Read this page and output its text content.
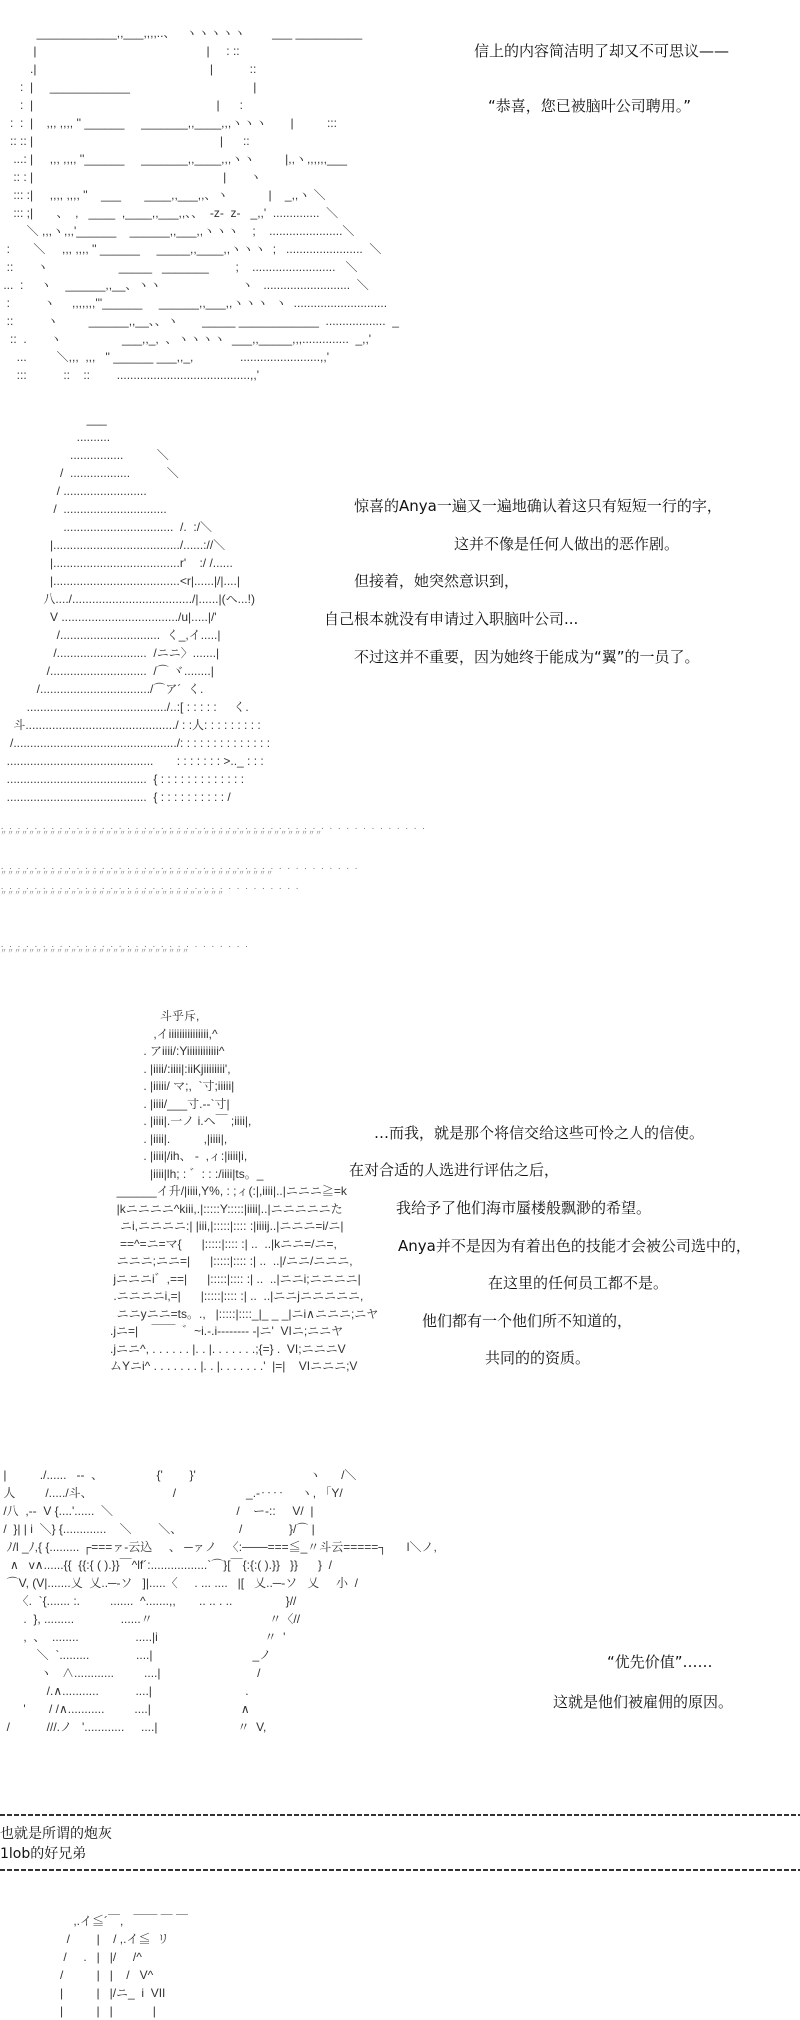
____________,,___,,,,..、   ヽヽヽヽヽ        ___ __________
|                                                   |     : ::
.|                                                    |           ::
:  |     ____________                                     |
:  |                                                       |      :
:  :  |    ,,, ,,,, '' ______     _______,,____,,,ヽヽヽ       |          :::
:: :: |                                                        |      ::
...: |     ,,, ,,,, ''______     _______,,____,,,ヽヽ         |,,ヽ,,,,,,___
:: : |                                                         |       ヽ
::: :|     ,,,, ,,,, ''    ___       ____,,___,,、ヽ            |    _,,ヽ ＼
::: ;|       、  ,   ____  ,____,,___,,、、  -z-  z-   _,,'  ..............  ＼
＼ ,,,ヽ,,,'______    ______,,___,,ヽヽヽ    ;    ......................＼
:       ＼     ,,, ,,,, '' ______     _____,,____,,ヽヽヽ  ;   .......................  ＼
::       ヽ                     _____   _______        ;    .........................   ＼
...  :     ヽ    ______,,__、ヽヽ                        ヽ   ..........................  ＼
:          ヽ     ,,,,,,,'''______     ______,,___,,ヽヽヽ  ヽ  ............................
::          ヽ         ______,,__、、ヽ       _____ ____________  ..................  _
::  .       ヽ                  ___,,_,  、ヽヽヽヽ  ___,,_____,,,..............  _,,'
...         ＼,,,  ,,,   '' ______ ___,,_,              ........................,,'
:::           ::    ::        ........................................,,'
信上的内容简洁明了却又不可思议——
“恭喜，您已被脑叶公司聘用。”
___
..........
................          ＼
/  ..................           ＼
/ .........................
/  ...............................
.................................  /.  :/＼
|....................................../......://＼
|......................................r'    :/ /......
|......................................<r|......|/|....|
八..../..................................../|......|(ヘ...!)
V .................................../u|.....|/'
/..............................  く_,イ.....|
/...........................  /ニニ〉.......|
/.............................  /⌒ ヾ........|
/................................./⌒ア´  く.
........................................../..:[ : : : : :     く.
斗............................................./ : :人: : : : : : : : :
/................................................./: : : : : : : : : : : : : :
............................................       : : : : : : : >.._ : : :
..........................................  { : : : : : : : : : : : : :
..........................................  { : : : : : : : : : : /
惊喜的Anya一遍又一遍地确认着这只有短短一行的字，
这并不像是任何人做出的恶作剧。
但接着，她突然意识到，
自己根本就没有申请过入职脑叶公司...
不过这并不重要，因为她终于能成为“翼”的一员了。
. . . . . . . . . . . . . . . . . . . . . . . . . . . . . . . . . . . . . . . . . . . . . . . . . . .
〃〃〃〃〃〃〃〃〃〃〃〃〃〃〃〃〃〃〃〃〃〃〃〃〃〃〃〃〃〃〃〃〃〃〃〃〃〃〃〃〃〃〃〃〃〃
. . . . . . . . . . . . . . . . . . . . . . . . . . . . . . . . . . . . . . . . . . .
〃〃〃〃〃〃〃〃〃〃〃〃〃〃〃〃〃〃〃〃〃〃〃〃〃〃〃〃〃〃〃〃〃〃〃〃〃〃〃
. . . . . . . . . . . . . . . . . . . . . . . . . . . . . . . . . . . .
〃〃〃〃〃〃〃〃〃〃〃〃〃〃〃〃〃〃〃〃〃〃〃〃〃〃〃〃〃〃〃〃
. . . . . . . . . . . . . . . . . . . . . . . . . . . . . .
〃〃〃〃〃〃〃〃〃〃〃〃〃〃〃〃〃〃〃〃〃〃〃〃〃〃〃
斗乎斥,
,イiiiiiiiiiiiiiii,^
. アiiii/:Yiiiiiiiiiiii^
. |iiii/:iiii|:iiKjiiiiiiii',
. |iiiii/ マ;,  `寸;iiiii|
. |iiii/___寸.--`寸|
. |iiii|.一ノ i.ヘ￣ ;iiii|,
. |iiii|.          ,|iiii|,
. |iiii|/ih、 -  ,ィ:|iiii|i,
|iiii|lh; : ゛: : :/iiii|ts。_
______イ升/|iiii,Y%, : ;ィ(:|,iiii|..|ニニニ≧=k
|kニニニニ^kiii,.|:::::Y:::::|iiii|..|ニニニニニた
ニi,ニニニニ:| |iii,|:::::|:::: :|iiiij..|ニニニ=i/ニ|
==^=ニ=マ{      |:::::|:::: :| ..  ..|kニニ=/ニ=,
ニニニ;ニニ=|      |:::::|:::: :| ..  ..|/ニニ/ニニニ,
jニニニi゛,==|      |:::::|:::: :| ..  ..|ニニi;ニニニニ|
.ニニニニi,=|      |:::::|:::: :| ..  ..|ニニjニニニニニ,
ニニyニニ=ts。.,   |:::::|::::_|_ _ _|ニi∧ニニニ;ニヤ
.jニ=|    ￣￣  ゛~i.-.i-------- -|ニ'  VIニ;ニニヤ
.jニニ^, . . . . . . |. . |. . . . . . .;{=} .  VI;ニニニV
ムYニi^ . . . . . . . |. . |. . . . . . .'  |=|    VIニニニ;V
…而我，就是那个将信交给这些可怜之人的信使。
在对合适的人选进行评估之后，
我给予了他们海市蜃楼般飘渺的希望。
Anya并不是因为有着出色的技能才会被公司选中的，
在这里的任何员工都不是。
他们都有一个他们所不知道的，
共同的的资质。
|          ./......   --  、                {'        }'                                  ヽ      /＼
人         /...../斗、                        /                     _.-‥‥     ヽ, 「Y/
/八  ,--  V {....'......  ＼                                     /    ー‐::     V/  |
/  }| | i  ＼} {.............    ＼        ＼、                 /              }/⌒ |
ﾉ/l _ﾉ,{ {......... ┌===ァ-云込     、 ─ァノ   〈:───===≦_〃斗云=====┐      l＼ノ,
∧   v∧......{{  {{:{ ( ).}}￣^lf´:.................`⌒}[￣{:{:( ).}}   }}      }  /
⌒V, (V|.......乂  乂..─-ソ   ]|.....〈     . ... ....   |[   乂..─-ソ   乂     小  /
〈.  `{....... :.         .......  ^.......,,       .. .. . ..                }//
.  }, .........              ......〃                                   〃〈//
,  、  ........                 .....|i                                〃  '
＼  `.........              ....|                              _ノ
ヽ   ∧............         ....|                             /
/.∧...........           ....|                            .
'       / /∧...........         ....|                           ∧
/           ///.ノ   '............     ....|                        〃  V,
“优先价值”……
这就是他们被雇佣的原因。
也就是所谓的炮灰
1lob的好兄弟
,.イ≦´￣,   ￣￣ ￣ ￣
/        |    / ,.イ≦  リ
/     .   |   |/     /^
/          |   |    /   V^
|          |   |/ニ_  i  VII
|          |   |            |
